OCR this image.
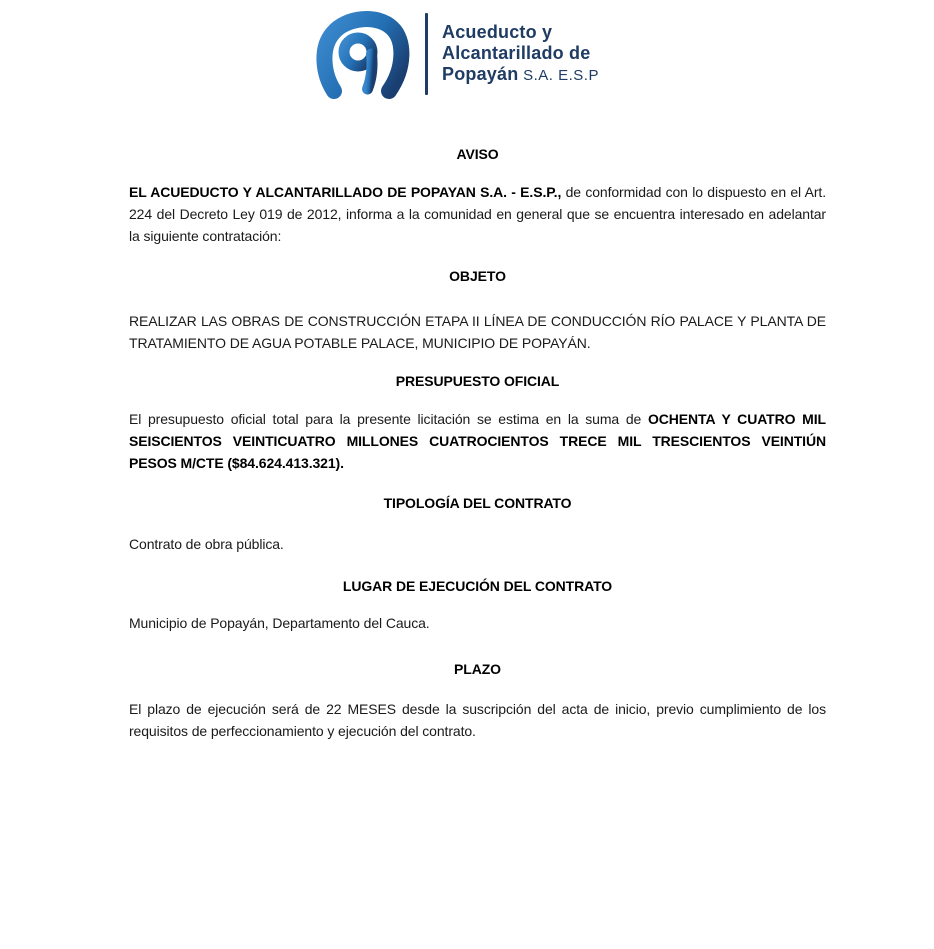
Acueducto y
Alcantarillado de
Popayán S.A. E.S.P
AVISO

EL ACUEDUCTO Y ALCANTARILLADO DE POPAYAN S.A. - E.S.P., de conformidad con lo dispuesto en el Art. 224 del Decreto Ley 019 de 2012, informa a la comunidad en general que se encuentra interesado en adelantar la siguiente contratación:

OBJETO

REALIZAR LAS OBRAS DE CONSTRUCCIÓN ETAPA II LÍNEA DE CONDUCCIÓN RÍO PALACE Y PLANTA DE TRATAMIENTO DE AGUA POTABLE PALACE, MUNICIPIO DE POPAYÁN.

PRESUPUESTO OFICIAL

El presupuesto oficial total para la presente licitación se estima en la suma de OCHENTA Y CUATRO MIL SEISCIENTOS VEINTICUATRO MILLONES CUATROCIENTOS TRECE MIL TRESCIENTOS VEINTIÚN PESOS M/CTE ($84.624.413.321).

TIPOLOGÍA DEL CONTRATO

Contrato de obra pública.

LUGAR DE EJECUCIÓN DEL CONTRATO

Municipio de Popayán, Departamento del Cauca.

PLAZO

El plazo de ejecución será de 22 MESES desde la suscripción del acta de inicio, previo cumplimiento de los requisitos de perfeccionamiento y ejecución del contrato.
